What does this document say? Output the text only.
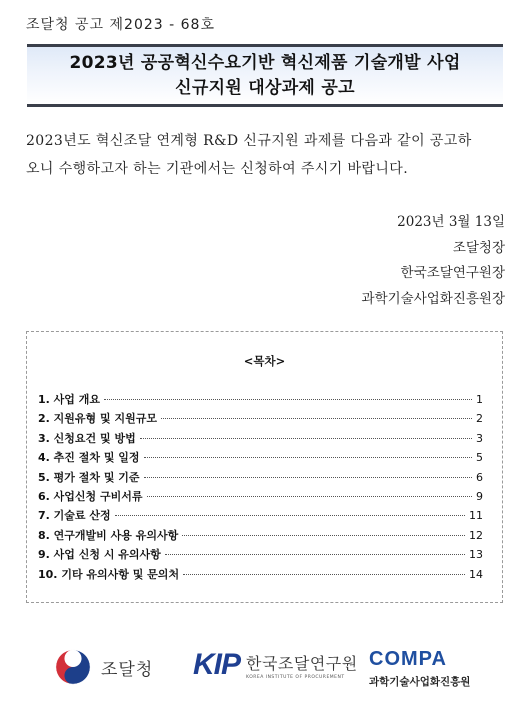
조달청 공고 제2023 - 68호
2023년 공공혁신수요기반 혁신제품 기술개발 사업
신규지원 대상과제 공고
2023년도 혁신조달 연계형 R&D 신규지원 과제를 다음과 같이 공고하
오니 수행하고자 하는 기관에서는 신청하여 주시기 바랍니다.
2023년 3월 13일
조달청장
한국조달연구원장
과학기술사업화진흥원장
<목차>
1. 사업 개요	1
2. 지원유형 및 지원규모	2
3. 신청요건 및 방법	3
4. 추진 절차 및 일정	5
5. 평가 절차 및 기준	6
6. 사업신청 구비서류	9
7. 기술료 산정	11
8. 연구개발비 사용 유의사항	12
9. 사업 신청 시 유의사항	13
10. 기타 유의사항 및 문의처	14
조달청 KIP 한국조달연구원
KOREA INSTITUTE OF PROCUREMENT
COMPA
과학기술사업화진흥원
